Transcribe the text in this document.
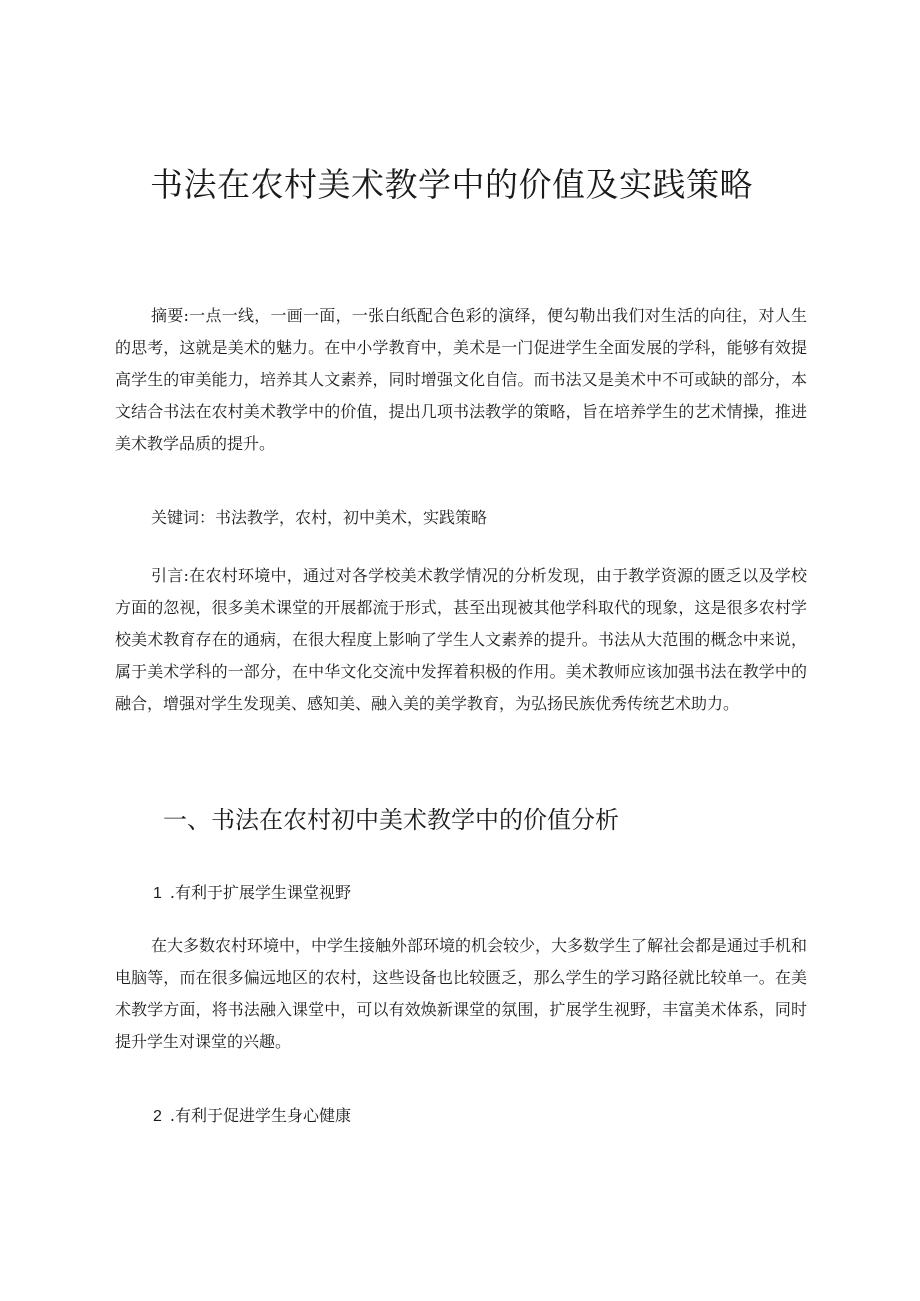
书法在农村美术教学中的价值及实践策略

摘要:一点一线，一画一面，一张白纸配合色彩的演绎，便勾勒出我们对生活的向往，对人生的思考，这就是美术的魅力。在中小学教育中，美术是一门促进学生全面发展的学科，能够有效提高学生的审美能力，培养其人文素养，同时增强文化自信。而书法又是美术中不可或缺的部分，本文结合书法在农村美术教学中的价值，提出几项书法教学的策略，旨在培养学生的艺术情操，推进美术教学品质的提升。

关键词：书法教学，农村，初中美术，实践策略

引言:在农村环境中，通过对各学校美术教学情况的分析发现，由于教学资源的匮乏以及学校方面的忽视，很多美术课堂的开展都流于形式，甚至出现被其他学科取代的现象，这是很多农村学校美术教育存在的通病，在很大程度上影响了学生人文素养的提升。书法从大范围的概念中来说，属于美术学科的一部分，在中华文化交流中发挥着积极的作用。美术教师应该加强书法在教学中的融合，增强对学生发现美、感知美、融入美的美学教育，为弘扬民族优秀传统艺术助力。

一、书法在农村初中美术教学中的价值分析
1 .有利于扩展学生课堂视野

在大多数农村环境中，中学生接触外部环境的机会较少，大多数学生了解社会都是通过手机和电脑等，而在很多偏远地区的农村，这些设备也比较匮乏，那么学生的学习路径就比较单一。在美术教学方面，将书法融入课堂中，可以有效焕新课堂的氛围，扩展学生视野，丰富美术体系，同时提升学生对课堂的兴趣。

2 .有利于促进学生身心健康
